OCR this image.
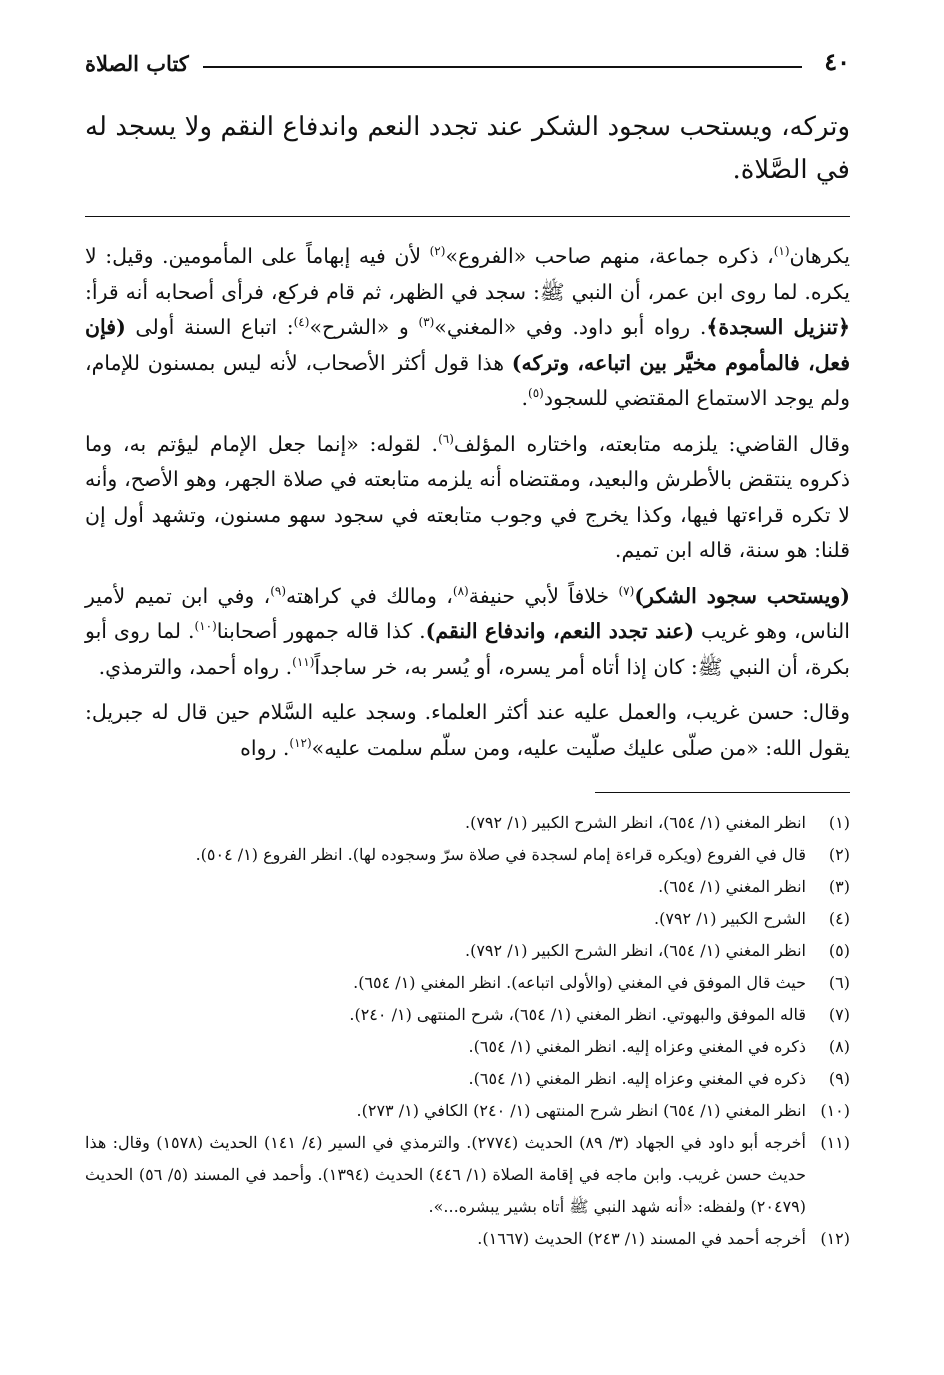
٤٠
كتاب الصلاة
وتركه، ويستحب سجود الشكر عند تجدد النعم واندفاع النقم ولا يسجد له في الصَّلاة.

يكرهان$^{(١)}$، ذكره جماعة، منهم صاحب «الفروع»$^{(٢)}$ لأن فيه إبهاماً على المأمومين. وقيل: لا يكره. لما روى ابن عمر، أن النبي ﷺ: سجد في الظهر، ثم قام فركع، فرأى أصحابه أنه قرأ: ﴿تنزيل السجدة﴾. رواه أبو داود. وفي «المغني»$^{(٣)}$ و «الشرح»$^{(٤)}$: اتباع السنة أولى (فإن فعل، فالمأموم مخيَّر بين اتباعه، وتركه) هذا قول أكثر الأصحاب، لأنه ليس بمسنون للإمام، ولم يوجد الاستماع المقتضي للسجود$^{(٥)}$.

وقال القاضي: يلزمه متابعته، واختاره المؤلف$^{(٦)}$. لقوله: «إنما جعل الإمام ليؤتم به، وما ذكروه ينتقض بالأطرش والبعيد، ومقتضاه أنه يلزمه متابعته في صلاة الجهر، وهو الأصح، وأنه لا تكره قراءتها فيها، وكذا يخرج في وجوب متابعته في سجود سهو مسنون، وتشهد أول إن قلنا: هو سنة، قاله ابن تميم.

(ويستحب سجود الشكر)$^{(٧)}$ خلافاً لأبي حنيفة$^{(٨)}$، ومالك في كراهته$^{(٩)}$، وفي ابن تميم لأمير الناس، وهو غريب (عند تجدد النعم، واندفاع النقم). كذا قاله جمهور أصحابنا$^{(١٠)}$. لما روى أبو بكرة، أن النبي ﷺ: كان إذا أتاه أمر يسره، أو يُسر به، خر ساجداً$^{(١١)}$. رواه أحمد، والترمذي.

وقال: حسن غريب، والعمل عليه عند أكثر العلماء. وسجد عليه السَّلام حين قال له جبريل: يقول الله: «من صلّى عليك صلّيت عليه، ومن سلّم سلمت عليه»$^{(١٢)}$. رواه

(١)
انظر المغني (١/ ٦٥٤)، انظر الشرح الكبير (١/ ٧٩٢).
(٢)
قال في الفروع (ويكره قراءة إمام لسجدة في صلاة سرّ وسجوده لها). انظر الفروع (١/ ٥٠٤).
(٣)
انظر المغني (١/ ٦٥٤).
(٤)
الشرح الكبير (١/ ٧٩٢).
(٥)
انظر المغني (١/ ٦٥٤)، انظر الشرح الكبير (١/ ٧٩٢).
(٦)
حيث قال الموفق في المغني (والأولى اتباعه). انظر المغني (١/ ٦٥٤).
(٧)
قاله الموفق والبهوتي. انظر المغني (١/ ٦٥٤)، شرح المنتهى (١/ ٢٤٠).
(٨)
ذكره في المغني وعزاه إليه. انظر المغني (١/ ٦٥٤).
(٩)
ذكره في المغني وعزاه إليه. انظر المغني (١/ ٦٥٤).
(١٠)
انظر المغني (١/ ٦٥٤) انظر شرح المنتهى (١/ ٢٤٠) الكافي (١/ ٢٧٣).
(١١)
أخرجه أبو داود في الجهاد (٣/ ٨٩) الحديث (٢٧٧٤). والترمذي في السير (٤/ ١٤١) الحديث (١٥٧٨) وقال: هذا حديث حسن غريب. وابن ماجه في إقامة الصلاة (١/ ٤٤٦) الحديث (١٣٩٤). وأحمد في المسند (٥/ ٥٦) الحديث (٢٠٤٧٩) ولفظه: «أنه شهد النبي ﷺ أتاه بشير يبشره...».
(١٢)
أخرجه أحمد في المسند (١/ ٢٤٣) الحديث (١٦٦٧).
